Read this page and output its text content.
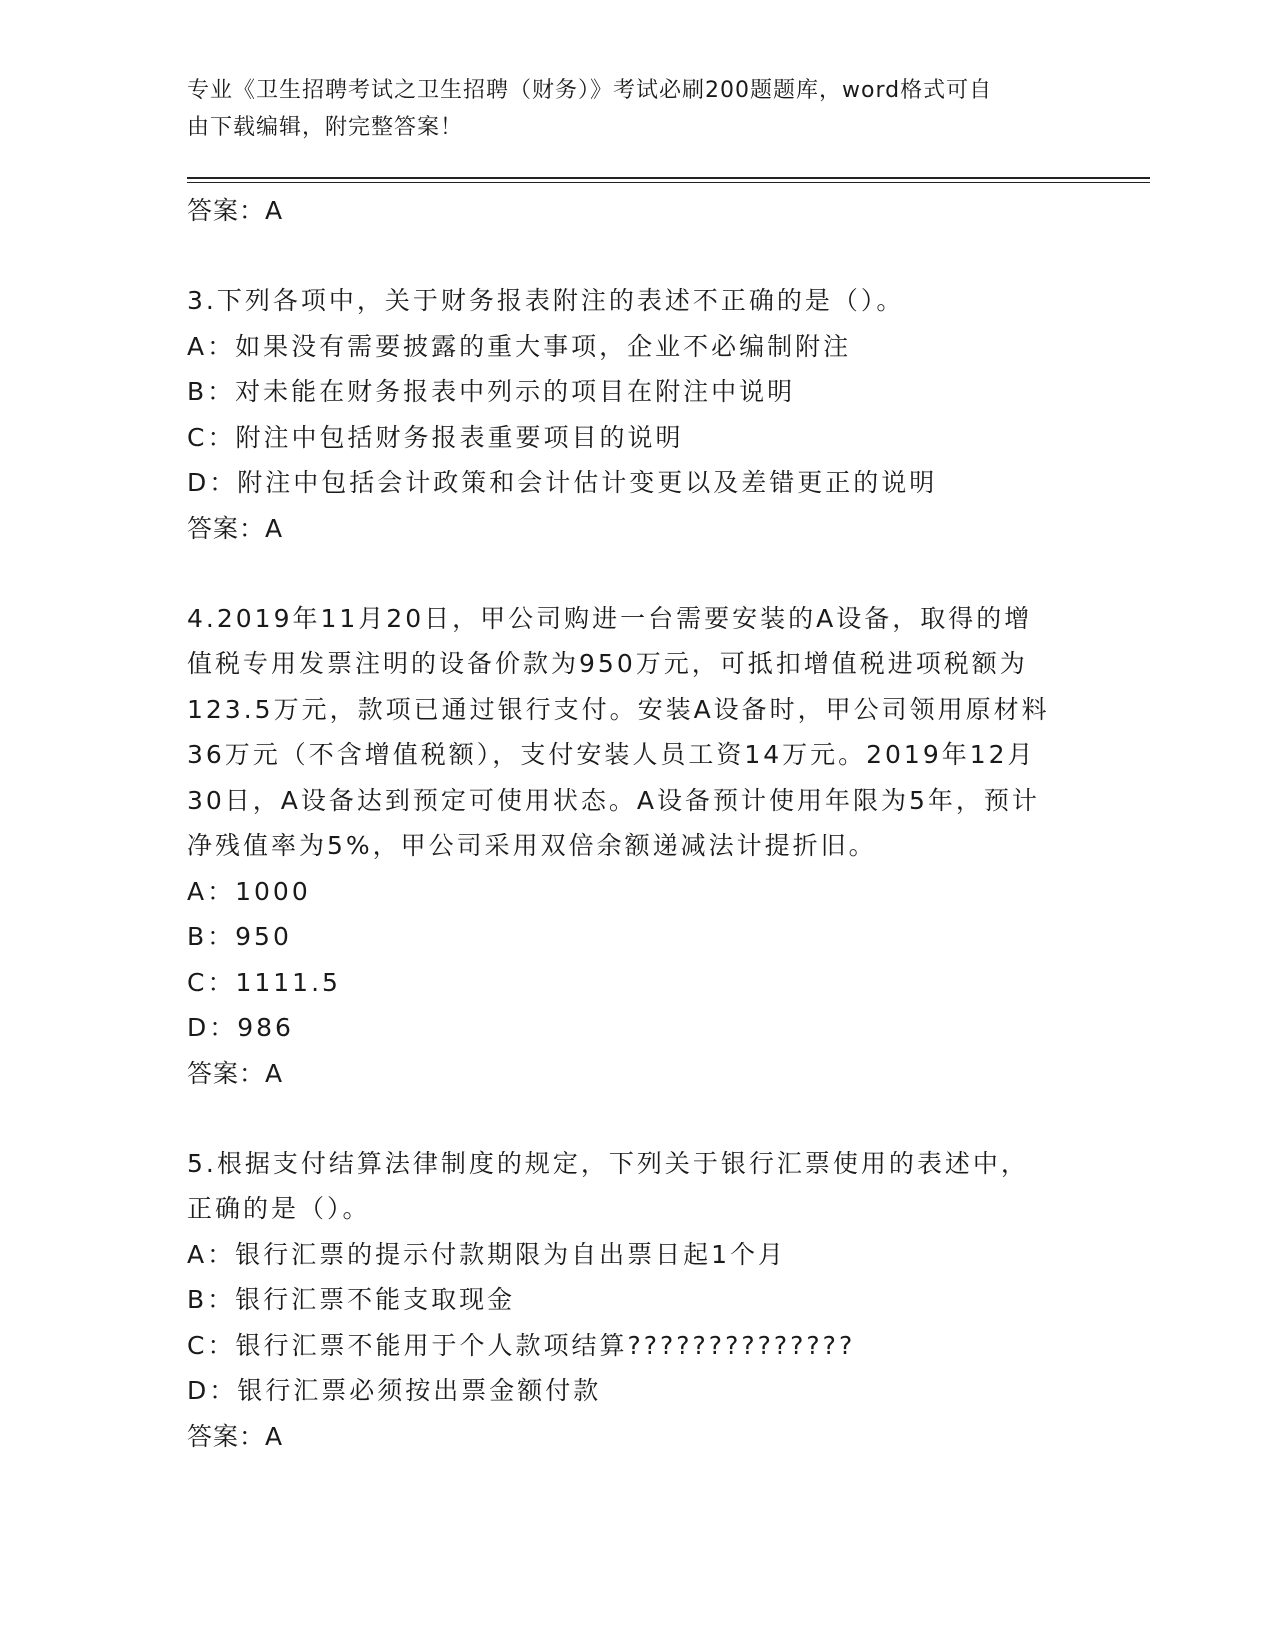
专业《卫生招聘考试之卫生招聘（财务）》考试必刷200题题库，word格式可自
由下载编辑，附完整答案！
答案：A
3.下列各项中，关于财务报表附注的表述不正确的是（）。
A：如果没有需要披露的重大事项，企业不必编制附注
B：对未能在财务报表中列示的项目在附注中说明
C：附注中包括财务报表重要项目的说明
D：附注中包括会计政策和会计估计变更以及差错更正的说明
答案：A
4.2019年11月20日，甲公司购进一台需要安装的A设备，取得的增
值税专用发票注明的设备价款为950万元，可抵扣增值税进项税额为
123.5万元，款项已通过银行支付。安装A设备时，甲公司领用原材料
36万元（不含增值税额），支付安装人员工资14万元。2019年12月
30日，A设备达到预定可使用状态。A设备预计使用年限为5年，预计
净残值率为5%，甲公司采用双倍余额递减法计提折旧。
A：1000
B：950
C：1111.5
D：986
答案：A
5.根据支付结算法律制度的规定，下列关于银行汇票使用的表述中，
正确的是（）。
A：银行汇票的提示付款期限为自出票日起1个月
B：银行汇票不能支取现金
C：银行汇票不能用于个人款项结算??????????????
D：银行汇票必须按出票金额付款
答案：A
